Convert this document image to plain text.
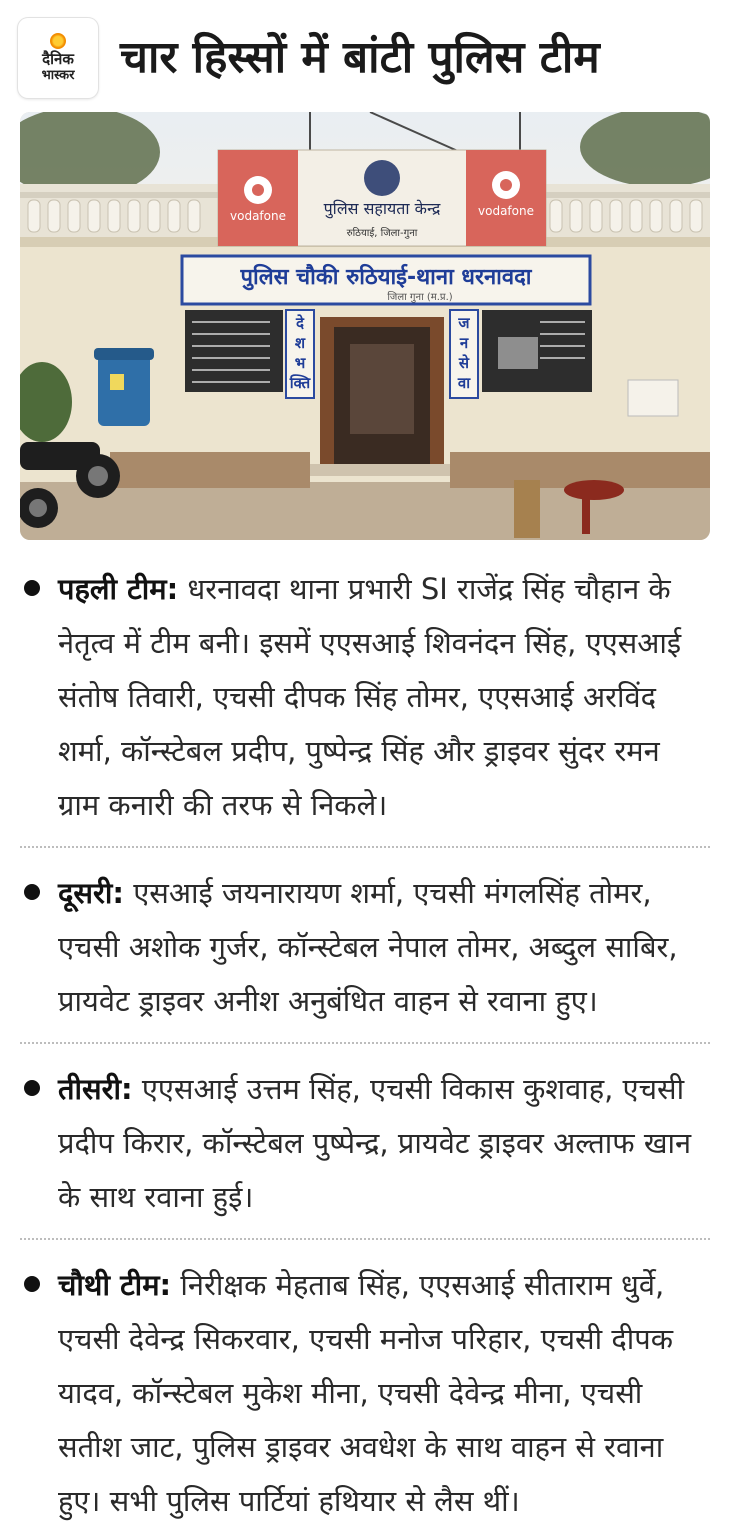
दैनिक
भास्कर चार हिस्सों में बांटी पुलिस टीम
vodafone	vodafone
पुलिस सहायता केन्द्र
रुठियाई, जिला-गुना
पुलिस चौकी रुठियाई-थाना धरनावदा
जिला गुना (म.प्र.)
दे
श
भ
क्ति
ज
न
से
वा
पहली टीम: धरनावदा थाना प्रभारी SI राजेंद्र सिंह चौहान के नेतृत्व में टीम बनी। इसमें एएसआई शिवनंदन सिंह, एएसआई संतोष तिवारी, एचसी दीपक सिंह तोमर, एएसआई अरविंद शर्मा, कॉन्स्टेबल प्रदीप, पुष्पेन्द्र सिंह और ड्राइवर सुंदर रमन ग्राम कनारी की तरफ से निकले।
दूसरी: एसआई जयनारायण शर्मा, एचसी मंगलसिंह तोमर, एचसी अशोक गुर्जर, कॉन्स्टेबल नेपाल तोमर, अब्दुल साबिर, प्रायवेट ड्राइवर अनीश अनुबंधित वाहन से रवाना हुए।
तीसरी: एएसआई उत्तम सिंह, एचसी विकास कुशवाह, एचसी प्रदीप किरार, कॉन्स्टेबल पुष्पेन्द्र, प्रायवेट ड्राइवर अल्ताफ खान के साथ रवाना हुई।
चौथी टीम: निरीक्षक मेहताब सिंह, एएसआई सीताराम धुर्वे, एचसी देवेन्द्र सिकरवार, एचसी मनोज परिहार, एचसी दीपक यादव, कॉन्स्टेबल मुकेश मीना, एचसी देवेन्द्र मीना, एचसी सतीश जाट, पुलिस ड्राइवर अवधेश के साथ वाहन से रवाना हुए। सभी पुलिस पार्टियां हथियार से लैस थीं।
